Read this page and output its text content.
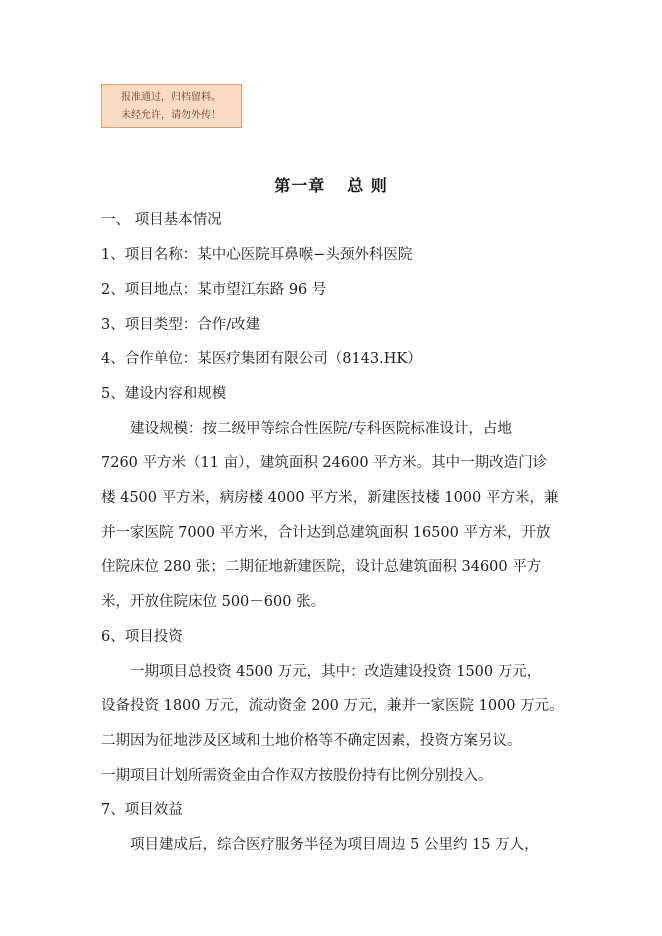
报准通过，归档留料。
未经允许，请勿外传！
第一章 总 则
一、 项目基本情况
1、项目名称：某中心医院耳鼻喉−头颈外科医院
2、项目地点：某市望江东路 96 号
3、项目类型：合作/改建
4、合作单位：某医疗集团有限公司（8143.HK）
5、建设内容和规模
建设规模：按二级甲等综合性医院/专科医院标准设计，占地
7260 平方米（11 亩），建筑面积 24600 平方米。其中一期改造门诊
楼 4500 平方米，病房楼 4000 平方米，新建医技楼 1000 平方米，兼
并一家医院 7000 平方米，合计达到总建筑面积 16500 平方米，开放
住院床位 280 张；二期征地新建医院，设计总建筑面积 34600 平方
米，开放住院床位 500－600 张。
6、项目投资
一期项目总投资 4500 万元，其中：改造建设投资 1500 万元，
设备投资 1800 万元，流动资金 200 万元，兼并一家医院 1000 万元。
二期因为征地涉及区域和土地价格等不确定因素，投资方案另议。
一期项目计划所需资金由合作双方按股份持有比例分别投入。
7、项目效益
项目建成后，综合医疗服务半径为项目周边 5 公里约 15 万人，
